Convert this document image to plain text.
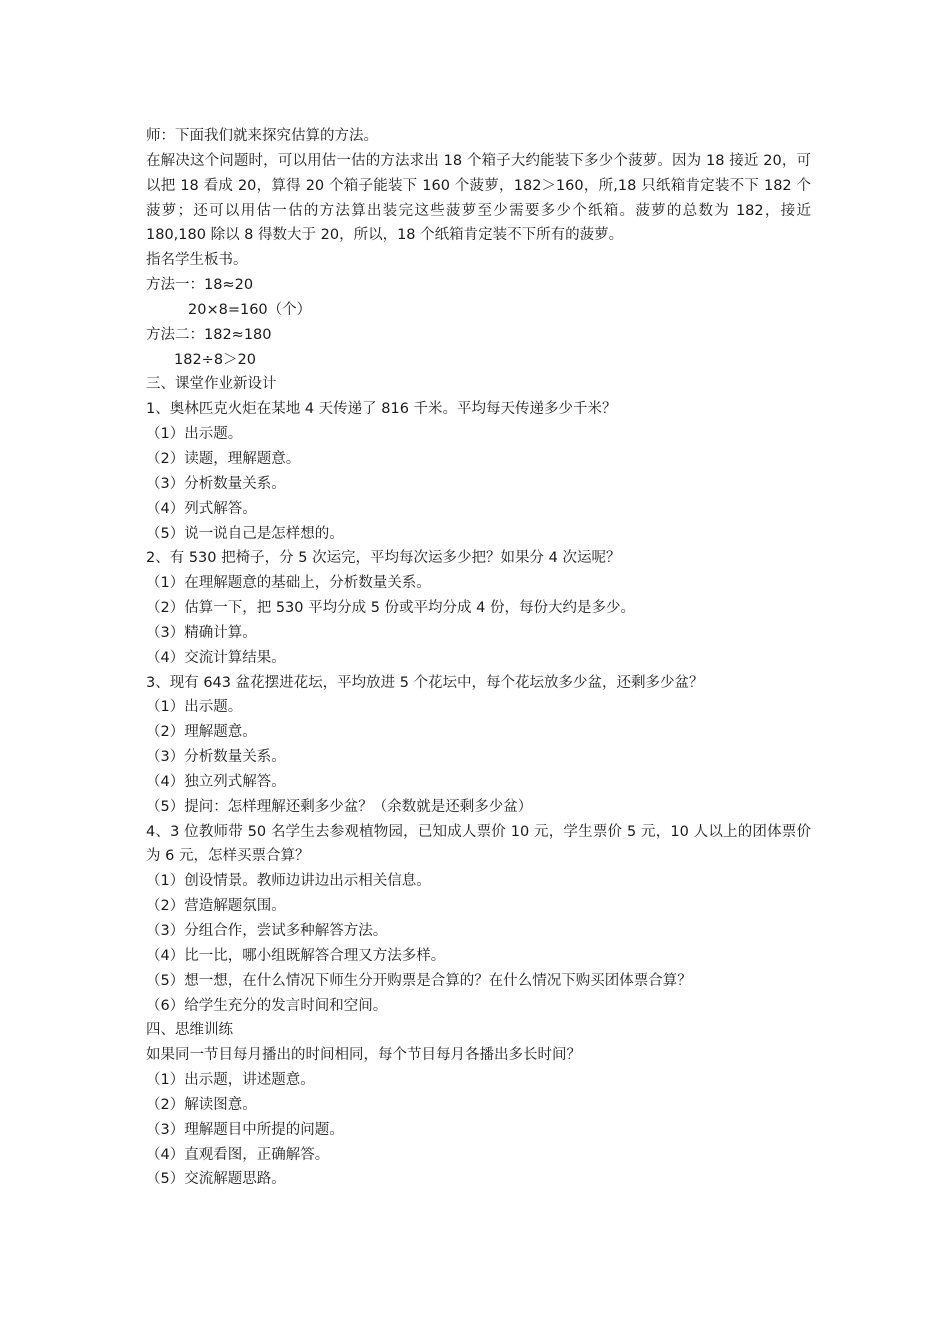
师：下面我们就来探究估算的方法。

在解决这个问题时，可以用估一估的方法求出 18 个箱子大约能装下多少个菠萝。因为 18 接近 20，可以把 18 看成 20，算得 20 个箱子能装下 160 个菠萝，182＞160，所,18 只纸箱肯定装不下 182 个菠萝；还可以用估一估的方法算出装完这些菠萝至少需要多少个纸箱。菠萝的总数为 182，接近 180,180 除以 8 得数大于 20，所以，18 个纸箱肯定装不下所有的菠萝。

指名学生板书。

方法一：18≈20

20×8=160（个）

方法二：182≈180

182÷8＞20

三、课堂作业新设计

1、奥林匹克火炬在某地 4 天传递了 816 千米。平均每天传递多少千米？

（1）出示题。

（2）读题，理解题意。

（3）分析数量关系。

（4）列式解答。

（5）说一说自己是怎样想的。

2、有 530 把椅子，分 5 次运完，平均每次运多少把？如果分 4 次运呢？

（1）在理解题意的基础上，分析数量关系。

（2）估算一下，把 530 平均分成 5 份或平均分成 4 份，每份大约是多少。

（3）精确计算。

（4）交流计算结果。

3、现有 643 盆花摆进花坛，平均放进 5 个花坛中，每个花坛放多少盆，还剩多少盆？

（1）出示题。

（2）理解题意。

（3）分析数量关系。

（4）独立列式解答。

（5）提问：怎样理解还剩多少盆？（余数就是还剩多少盆）

4、3 位教师带 50 名学生去参观植物园，已知成人票价 10 元，学生票价 5 元，10 人以上的团体票价为 6 元，怎样买票合算？

（1）创设情景。教师边讲边出示相关信息。

（2）营造解题氛围。

（3）分组合作，尝试多种解答方法。

（4）比一比，哪小组既解答合理又方法多样。

（5）想一想，在什么情况下师生分开购票是合算的？在什么情况下购买团体票合算？

（6）给学生充分的发言时间和空间。

四、思维训练

如果同一节目每月播出的时间相同，每个节目每月各播出多长时间？

（1）出示题，讲述题意。

（2）解读图意。

（3）理解题目中所提的问题。

（4）直观看图，正确解答。

（5）交流解题思路。
